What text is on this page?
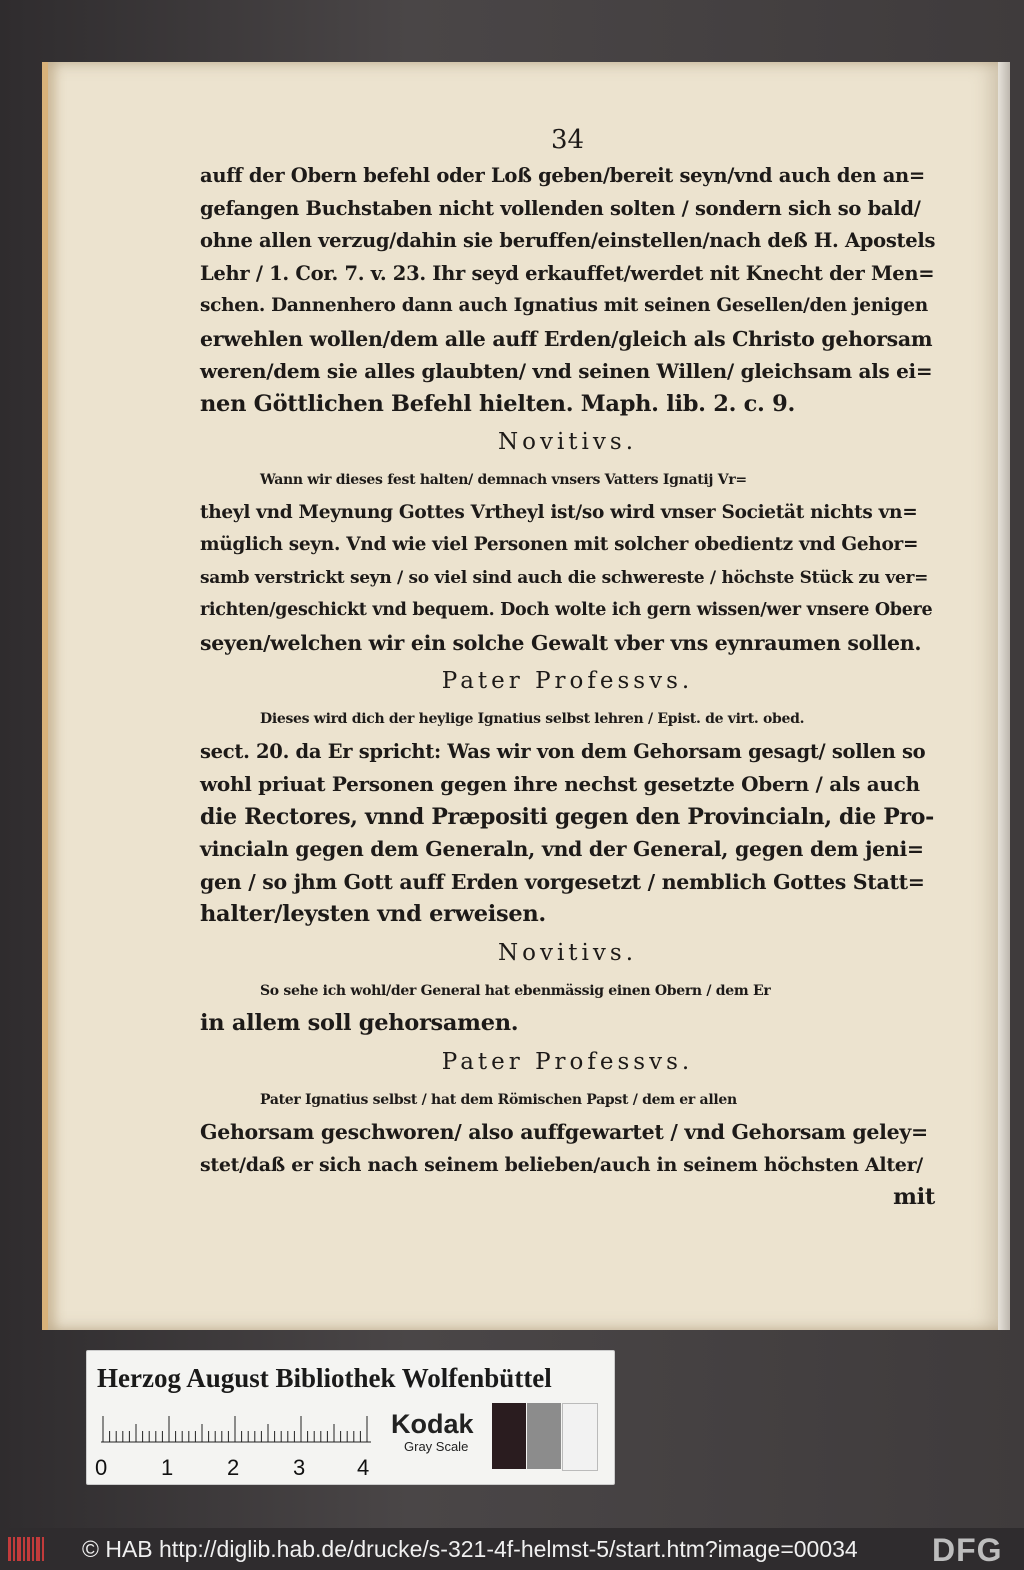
34
auff der Obern befehl oder Loß geben/bereit seyn/vnd auch den an=
gefangen Buchstaben nicht vollenden solten / sondern sich so bald/
ohne allen verzug/dahin sie beruffen/einstellen/nach deß H. Apostels
Lehr / 1. Cor. 7. v. 23. Ihr seyd erkauffet/werdet nit Knecht der Men=
schen. Dannenhero dann auch Ignatius mit seinen Gesellen/den jenigen
erwehlen wollen/dem alle auff Erden/gleich als Christo gehorsam
weren/dem sie alles glaubten/ vnd seinen Willen/ gleichsam als ei=
nen Göttlichen Befehl hielten. Maph. lib. 2. c. 9.
Novitivs.
Wann wir dieses fest halten/ demnach vnsers Vatters Ignatij Vr=
theyl vnd Meynung Gottes Vrtheyl ist/so wird vnser Societät nichts vn=
müglich seyn. Vnd wie viel Personen mit solcher obedientz vnd Gehor=
samb verstrickt seyn / so viel sind auch die schwereste / höchste Stück zu ver=
richten/geschickt vnd bequem. Doch wolte ich gern wissen/wer vnsere Obere
seyen/welchen wir ein solche Gewalt vber vns eynraumen sollen.
Pater Professvs.
Dieses wird dich der heylige Ignatius selbst lehren / Epist. de virt. obed.
sect. 20. da Er spricht: Was wir von dem Gehorsam gesagt/ sollen so
wohl priuat Personen gegen ihre nechst gesetzte Obern / als auch
die Rectores, vnnd Præpositi gegen den Provincialn, die Pro-
vincialn gegen dem Generaln, vnd der General, gegen dem jeni=
gen / so jhm Gott auff Erden vorgesetzt / nemblich Gottes Statt=
halter/leysten vnd erweisen.
Novitivs.
So sehe ich wohl/der General hat ebenmässig einen Obern / dem Er
in allem soll gehorsamen.
Pater Professvs.
Pater Ignatius selbst / hat dem Römischen Papst / dem er allen
Gehorsam geschworen/ also auffgewartet / vnd Gehorsam geley=
stet/daß er sich nach seinem belieben/auch in seinem höchsten Alter/
mit
Herzog August Bibliothek Wolfenbüttel
0 1 2 3 4
Kodak
Gray Scale
© HAB http://diglib.hab.de/drucke/s-321-4f-helmst-5/start.htm?image=00034 DFG
